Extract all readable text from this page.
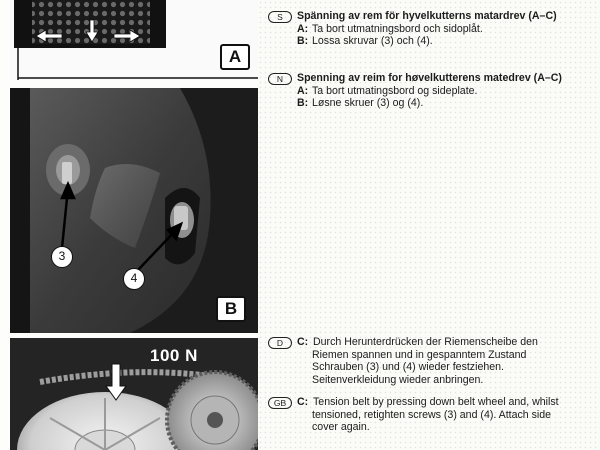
A
3
4
B
100 N
S	Spänning av rem för hyvelkutterns matardrev (A–C)
A: Ta bort utmatningsbord och sidoplåt.
B: Lossa skruvar (3) och (4).
N	Spenning av reim for høvelkutterens matedrev (A–C)
A: Ta bort utmatingsbord og sideplate.
B: Løsne skruer (3) og (4).
D	C: Durch Herunterdrücken der Riemenscheibe den
Riemen spannen und in gespanntem Zustand
Schrauben (3) und (4) wieder festziehen.
Seitenverkleidung wieder anbringen.
GB	C: Tension belt by pressing down belt wheel and, whilst
tensioned, retighten screws (3) and (4). Attach side
cover again.
